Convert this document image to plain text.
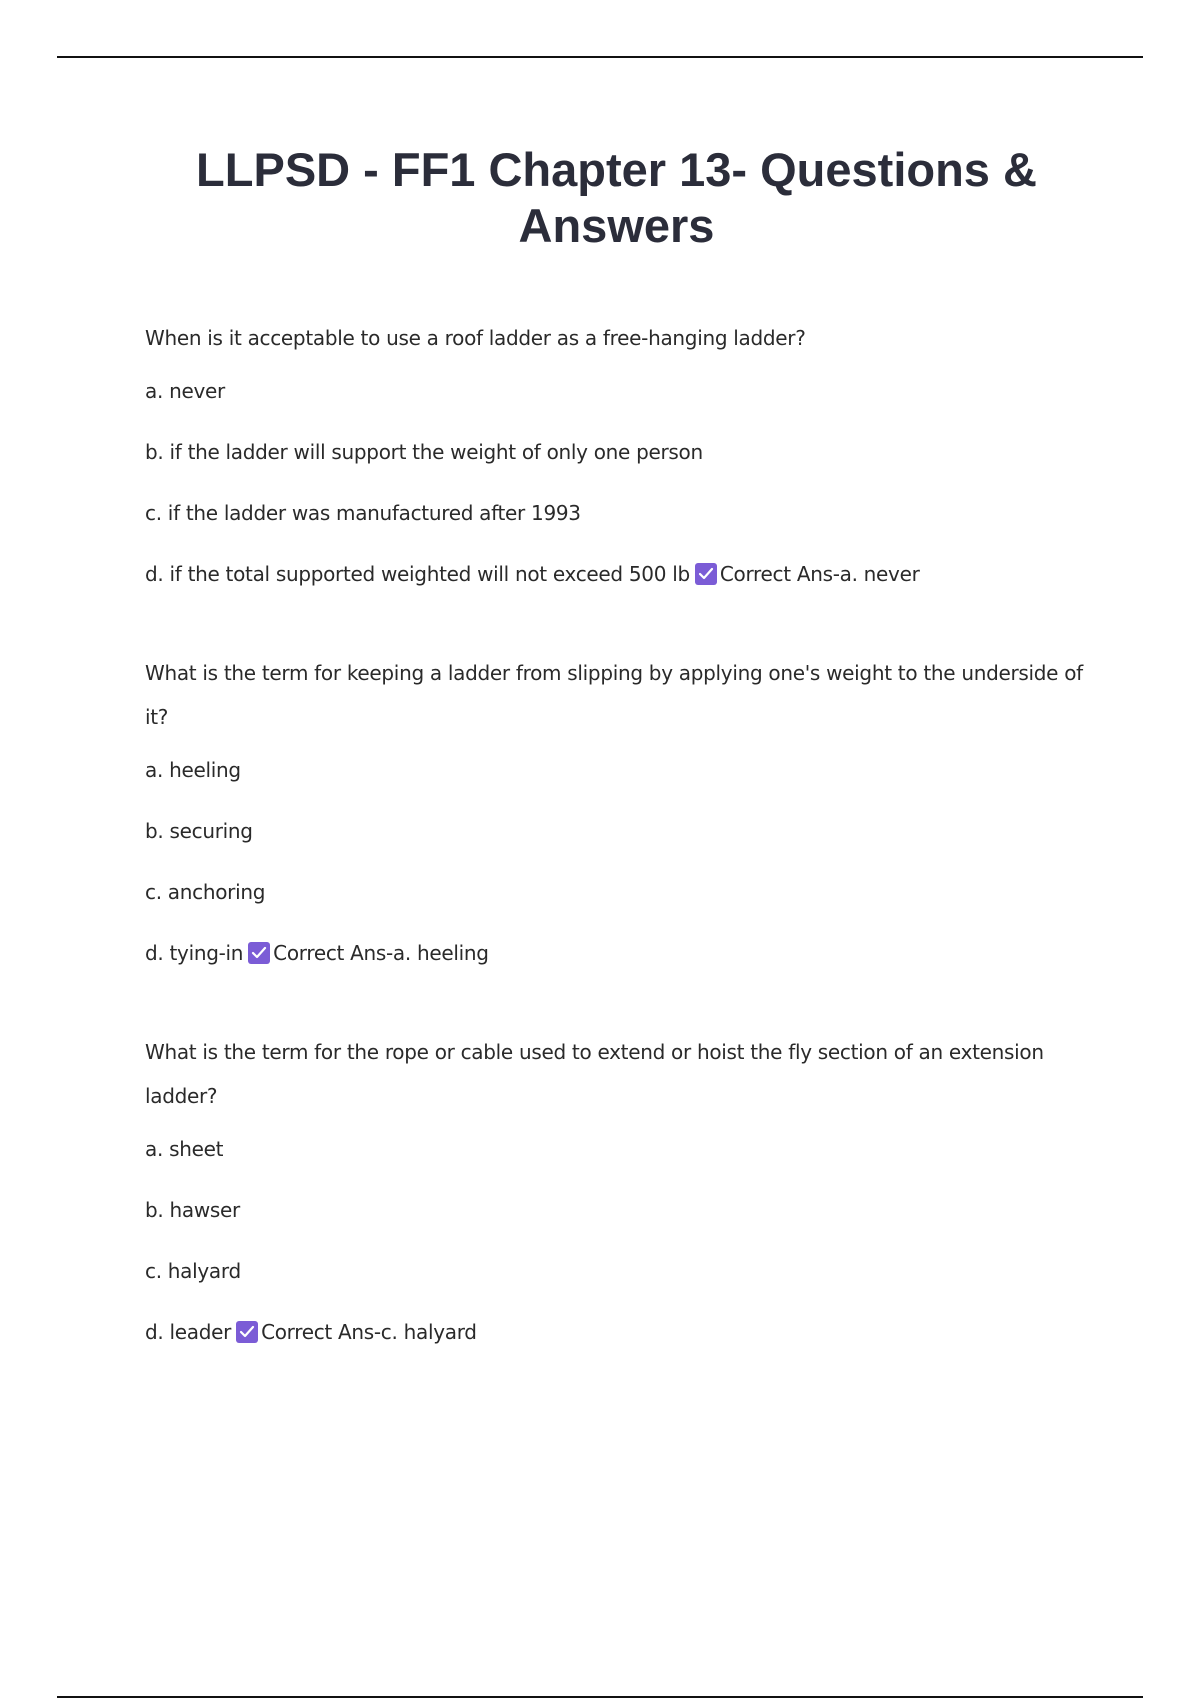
LLPSD - FF1 Chapter 13- Questions & Answers

When is it acceptable to use a roof ladder as a free-hanging ladder?

a. never

b. if the ladder will support the weight of only one person

c. if the ladder was manufactured after 1993

d. if the total supported weighted will not exceed 500 lb Correct Ans-a. never

What is the term for keeping a ladder from slipping by applying one's weight to the underside of it?

a. heeling

b. securing

c. anchoring

d. tying-in Correct Ans-a. heeling

What is the term for the rope or cable used to extend or hoist the fly section of an extension ladder?

a. sheet

b. hawser

c. halyard

d. leader Correct Ans-c. halyard
